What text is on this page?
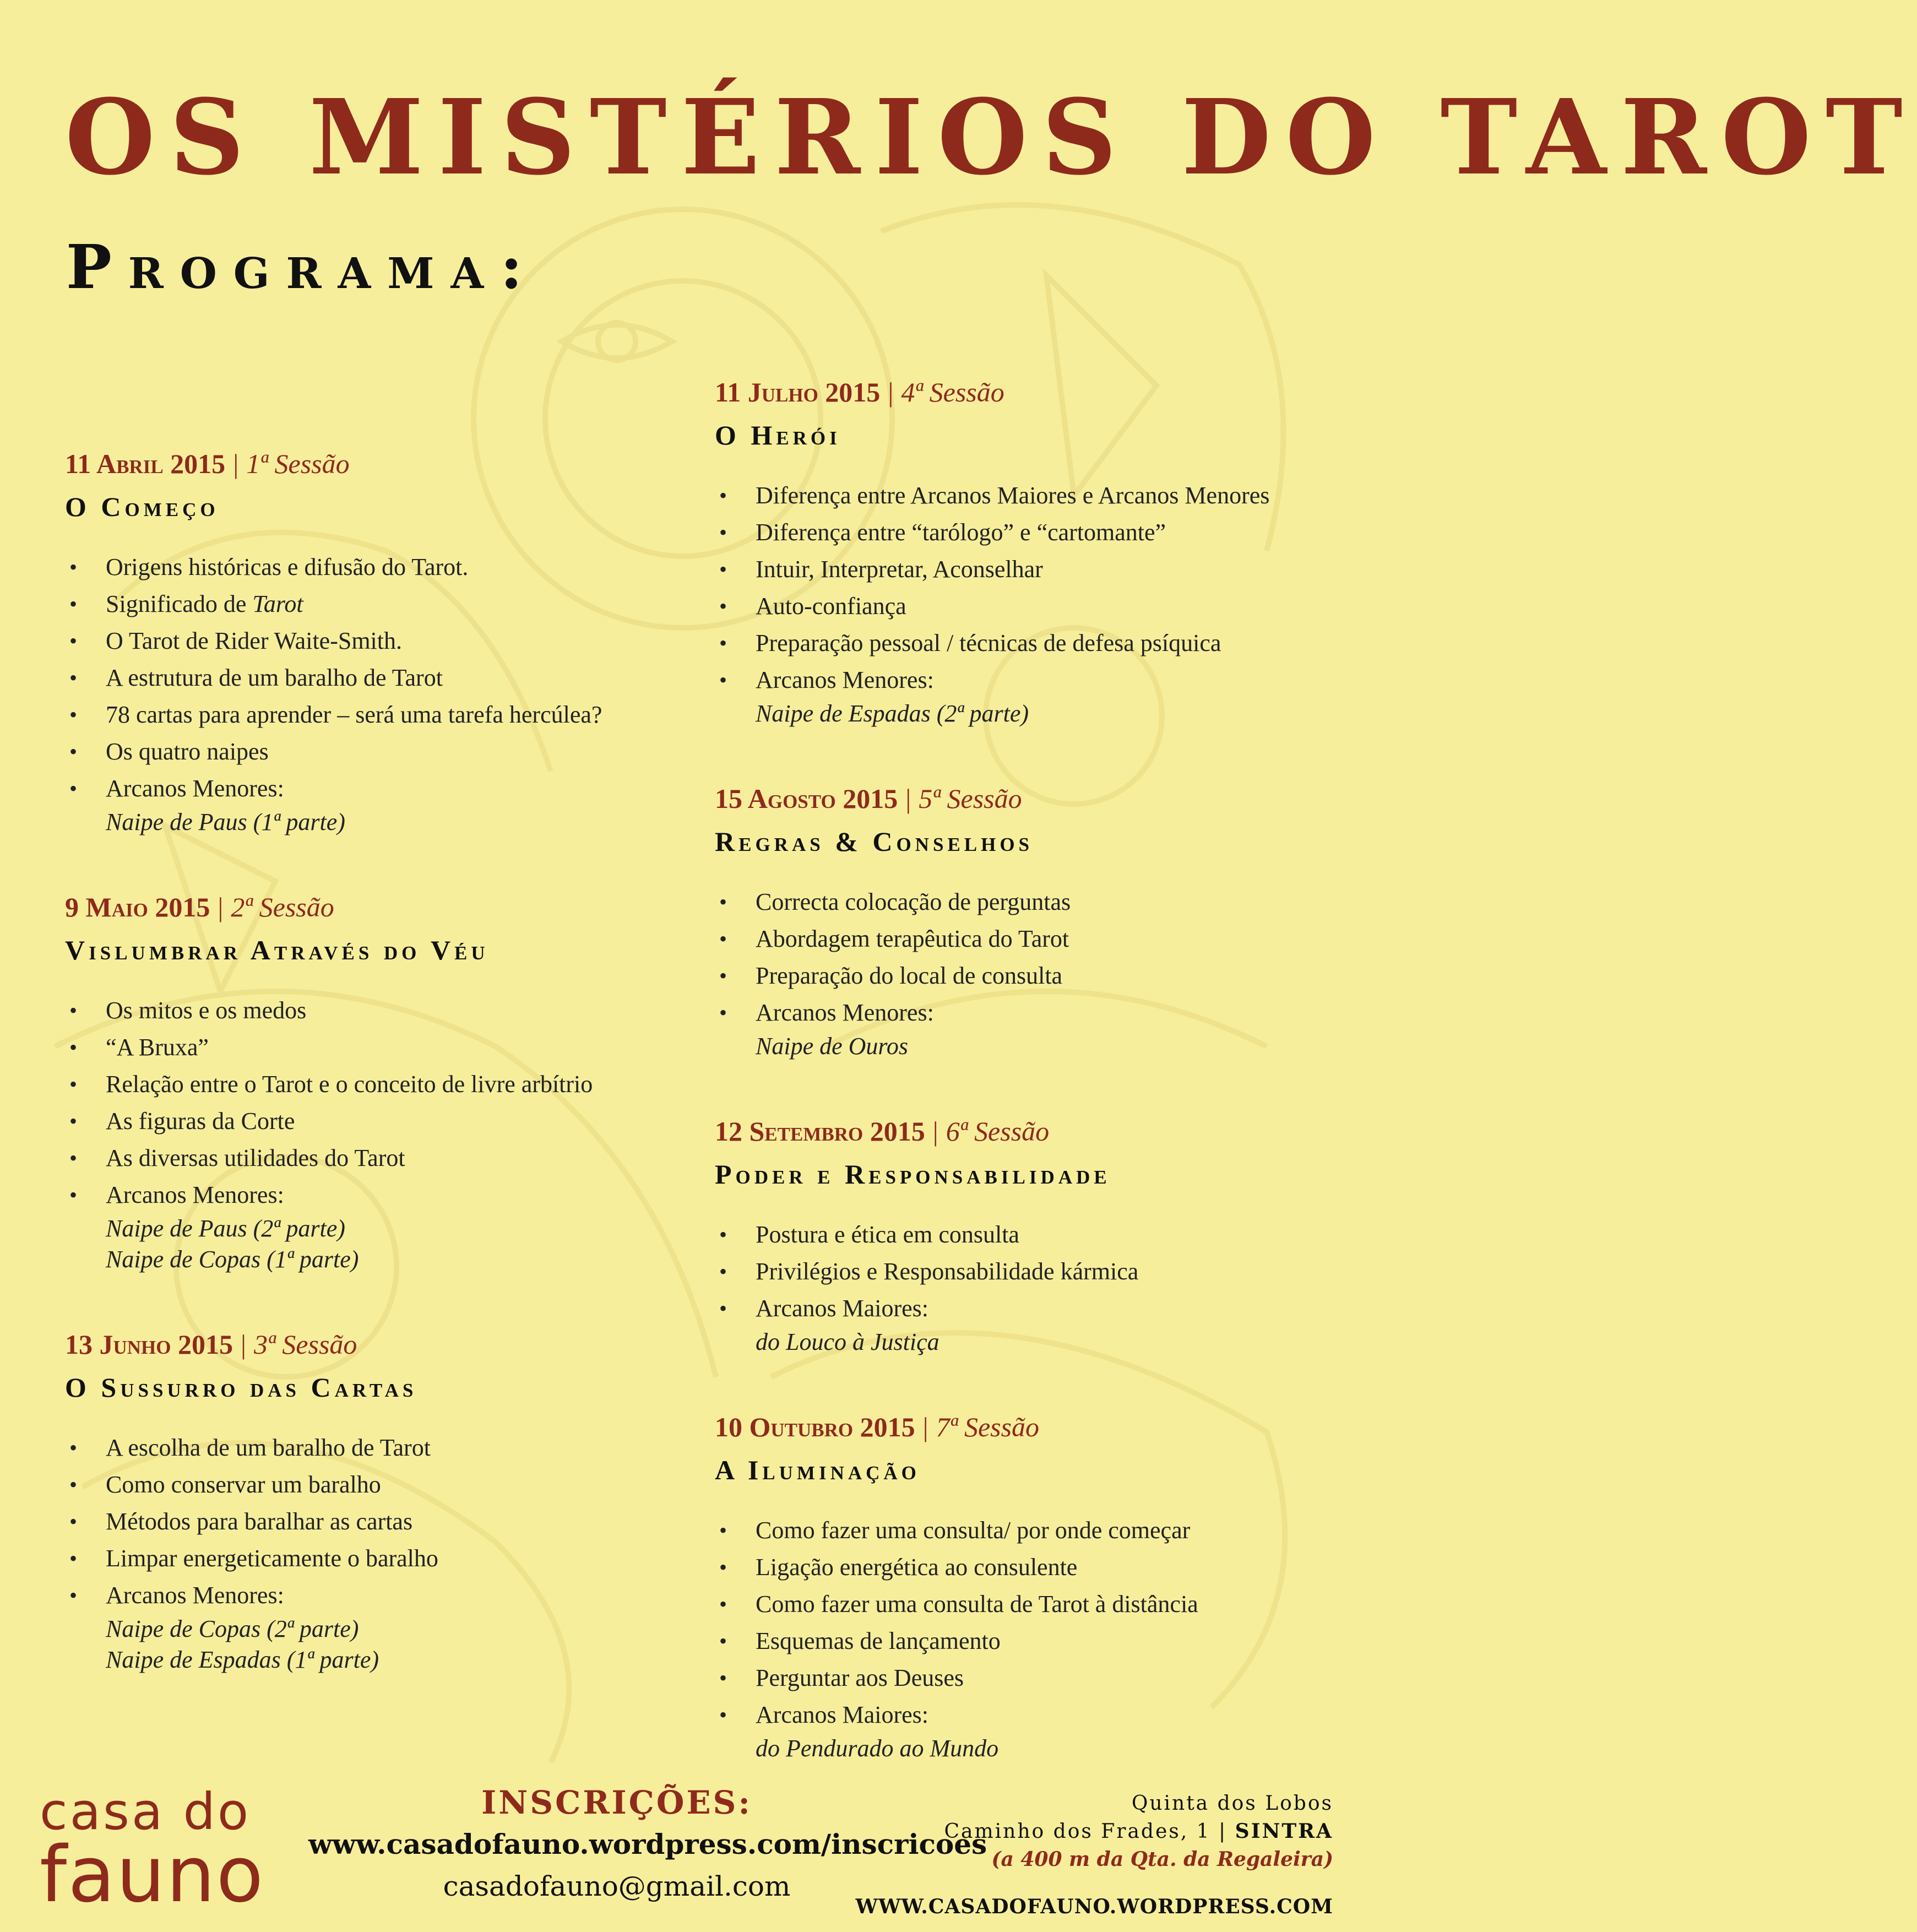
OS MISTÉRIOS DO TAROT
Programa:
11 Abril 2015 | 1ª Sessão
O Começo
• Origens históricas e difusão do Tarot.
• Significado de Tarot
• O Tarot de Rider Waite-Smith.
• A estrutura de um baralho de Tarot
• 78 cartas para aprender – será uma tarefa hercúlea?
• Os quatro naipes
• Arcanos Menores:
Naipe de Paus (1ª parte)
9 Maio 2015 | 2ª Sessão
Vislumbrar Através do Véu
• Os mitos e os medos
• “A Bruxa”
• Relação entre o Tarot e o conceito de livre arbítrio
• As figuras da Corte
• As diversas utilidades do Tarot
• Arcanos Menores:
Naipe de Paus (2ª parte)
Naipe de Copas (1ª parte)
13 Junho 2015 | 3ª Sessão
O Sussurro das Cartas
• A escolha de um baralho de Tarot
• Como conservar um baralho
• Métodos para baralhar as cartas
• Limpar energeticamente o baralho
• Arcanos Menores:
Naipe de Copas (2ª parte)
Naipe de Espadas (1ª parte)
11 Julho 2015 | 4ª Sessão
O Herói
• Diferença entre Arcanos Maiores e Arcanos Menores
• Diferença entre “tarólogo” e “cartomante”
• Intuir, Interpretar, Aconselhar
• Auto-confiança
• Preparação pessoal / técnicas de defesa psíquica
• Arcanos Menores:
Naipe de Espadas (2ª parte)
15 Agosto 2015 | 5ª Sessão
Regras & Conselhos
• Correcta colocação de perguntas
• Abordagem terapêutica do Tarot
• Preparação do local de consulta
• Arcanos Menores:
Naipe de Ouros
12 Setembro 2015 | 6ª Sessão
Poder e Responsabilidade
• Postura e ética em consulta
• Privilégios e Responsabilidade kármica
• Arcanos Maiores:
do Louco à Justiça
10 Outubro 2015 | 7ª Sessão
A Iluminação
• Como fazer uma consulta/ por onde começar
• Ligação energética ao consulente
• Como fazer uma consulta de Tarot à distância
• Esquemas de lançamento
• Perguntar aos Deuses
• Arcanos Maiores:
do Pendurado ao Mundo
casa do
fauno
INSCRIÇÕES:
www.casadofauno.wordpress.com/inscricoes
casadofauno@gmail.com
Quinta dos Lobos
Caminho dos Frades, 1 | SINTRA
(a 400 m da Qta. da Regaleira)
WWW.CASADOFAUNO.WORDPRESS.COM
